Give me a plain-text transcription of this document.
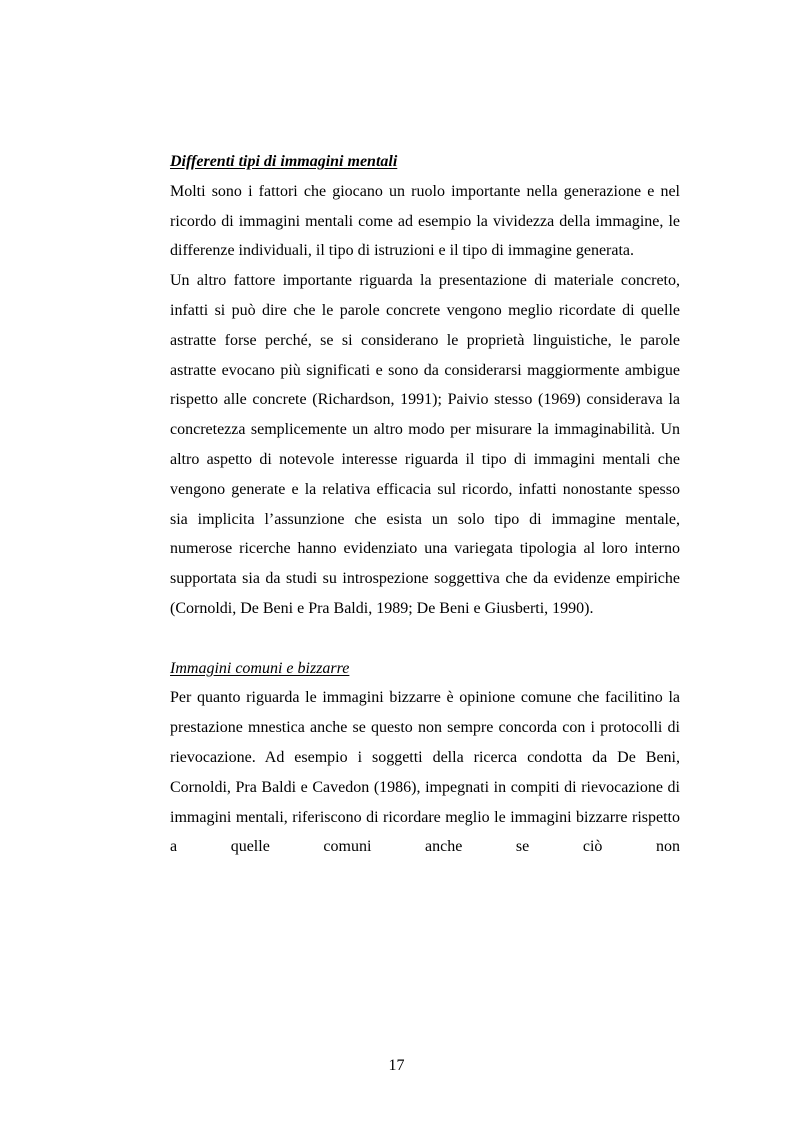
Differenti tipi di immagini mentali

Molti sono i fattori che giocano un ruolo importante nella generazione e nel ricordo di immagini mentali come ad esempio la vividezza della immagine, le differenze individuali, il tipo di istruzioni e il tipo di immagine generata.

Un altro fattore importante riguarda la presentazione di materiale concreto, infatti si può dire che le parole concrete vengono meglio ricordate di quelle astratte forse perché, se si considerano le proprietà linguistiche, le parole astratte evocano più significati e sono da considerarsi maggiormente ambigue rispetto alle concrete (Richardson, 1991); Paivio stesso (1969) considerava la concretezza semplicemente un altro modo per misurare la immaginabilità. Un altro aspetto di notevole interesse riguarda il tipo di immagini mentali che vengono generate e la relativa efficacia sul ricordo, infatti nonostante spesso sia implicita l’assunzione che esista un solo tipo di immagine mentale, numerose ricerche hanno evidenziato una variegata tipologia al loro interno supportata sia da studi su introspezione soggettiva che da evidenze empiriche (Cornoldi, De Beni e Pra Baldi, 1989; De Beni e Giusberti, 1990).

Immagini comuni e bizzarre

Per quanto riguarda le immagini bizzarre è opinione comune che facilitino la prestazione mnestica anche se questo non sempre concorda con i protocolli di rievocazione. Ad esempio i soggetti della ricerca condotta da De Beni, Cornoldi, Pra Baldi e Cavedon (1986), impegnati in compiti di rievocazione di immagini mentali, riferiscono di ricordare meglio le immagini bizzarre rispetto a quelle comuni anche se ciò non

17
